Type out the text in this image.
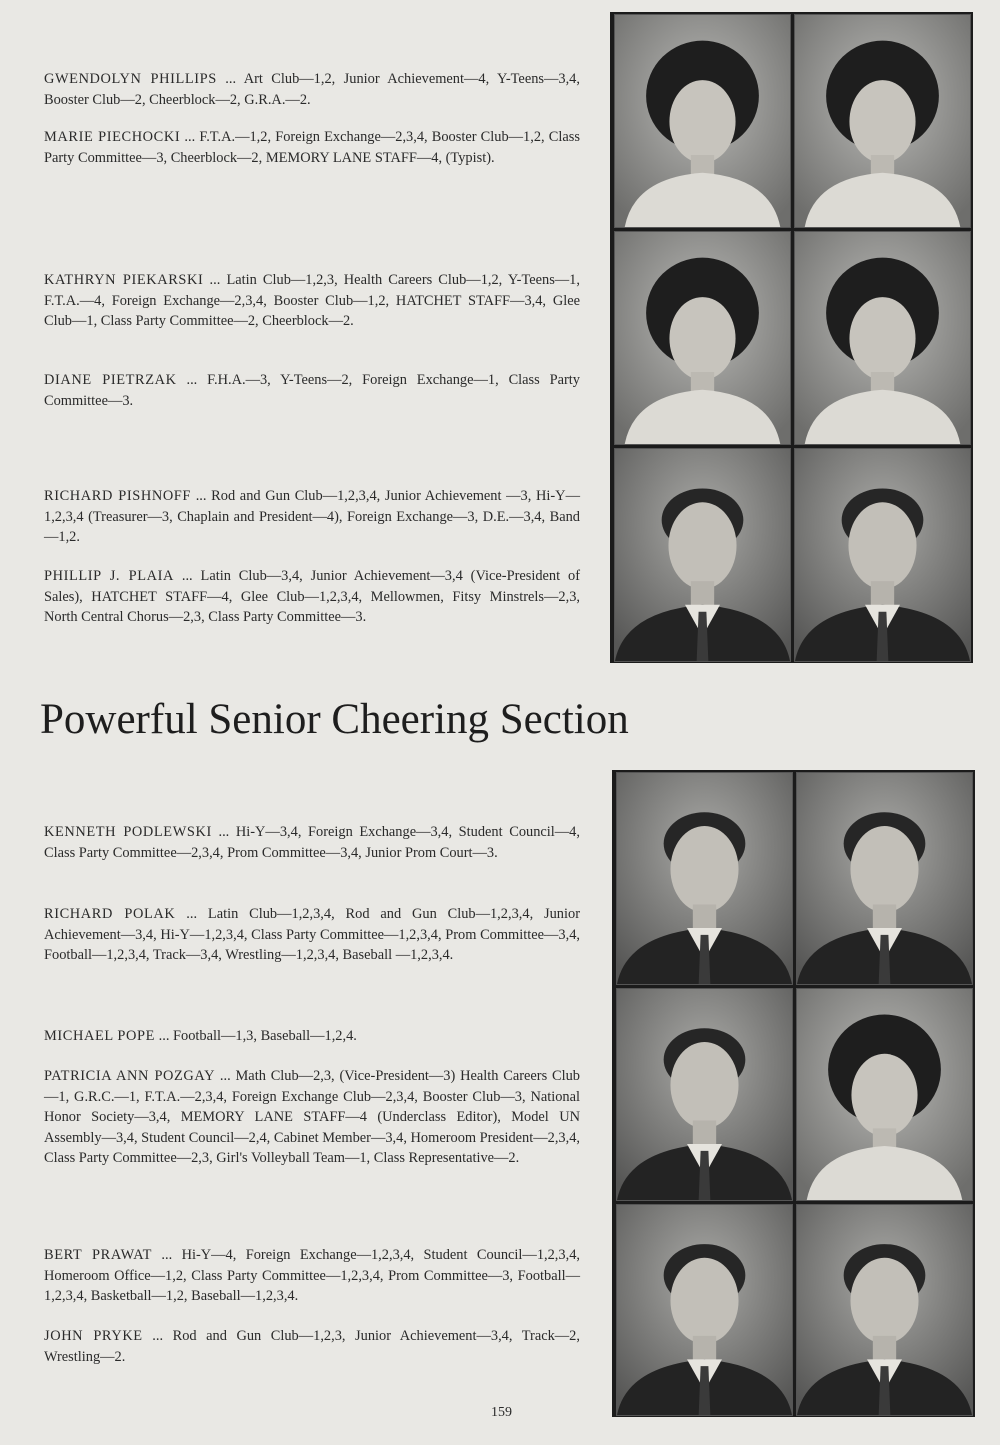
GWENDOLYN PHILLIPS ... Art Club—1,2, Junior Achievement—4, Y-Teens—3,4, Booster Club—2, Cheerblock—2, G.R.A.—2.

MARIE PIECHOCKI ... F.T.A.—1,2, Foreign Exchange—2,3,4, Booster Club—1,2, Class Party Committee—3, Cheerblock—2, MEMORY LANE STAFF—4, (Typist).

KATHRYN PIEKARSKI ... Latin Club—1,2,3, Health Careers Club—1,2, Y-Teens—1, F.T.A.—4, Foreign Exchange—2,3,4, Booster Club—1,2, HATCHET STAFF—3,4, Glee Club—1, Class Party Committee—2, Cheerblock—2.

DIANE PIETRZAK ... F.H.A.—3, Y-Teens—2, Foreign Exchange—1, Class Party Committee—3.

RICHARD PISHNOFF ... Rod and Gun Club—1,2,3,4, Junior Achievement —3, Hi-Y—1,2,3,4 (Treasurer—3, Chaplain and President—4), Foreign Exchange—3, D.E.—3,4, Band—1,2.

PHILLIP J. PLAIA ... Latin Club—3,4, Junior Achievement—3,4 (Vice-President of Sales), HATCHET STAFF—4, Glee Club—1,2,3,4, Mellowmen, Fitsy Minstrels—2,3, North Central Chorus—2,3, Class Party Committee—3.

Powerful Senior Cheering Section

KENNETH PODLEWSKI ... Hi-Y—3,4, Foreign Exchange—3,4, Student Council—4, Class Party Committee—2,3,4, Prom Committee—3,4, Junior Prom Court—3.

RICHARD POLAK ... Latin Club—1,2,3,4, Rod and Gun Club—1,2,3,4, Junior Achievement—3,4, Hi-Y—1,2,3,4, Class Party Committee—1,2,3,4, Prom Committee—3,4, Football—1,2,3,4, Track—3,4, Wrestling—1,2,3,4, Baseball —1,2,3,4.

MICHAEL POPE ... Football—1,3, Baseball—1,2,4.

PATRICIA ANN POZGAY ... Math Club—2,3, (Vice-President—3) Health Careers Club—1, G.R.C.—1, F.T.A.—2,3,4, Foreign Exchange Club—2,3,4, Booster Club—3, National Honor Society—3,4, MEMORY LANE STAFF—4 (Underclass Editor), Model UN Assembly—3,4, Student Council—2,4, Cabinet Member—3,4, Homeroom President—2,3,4, Class Party Committee—2,3, Girl's Volleyball Team—1, Class Representative—2.

BERT PRAWAT ... Hi-Y—4, Foreign Exchange—1,2,3,4, Student Council—1,2,3,4, Homeroom Office—1,2, Class Party Committee—1,2,3,4, Prom Committee—3, Football—1,2,3,4, Basketball—1,2, Baseball—1,2,3,4.

JOHN PRYKE ... Rod and Gun Club—1,2,3, Junior Achievement—3,4, Track—2, Wrestling—2.

159
